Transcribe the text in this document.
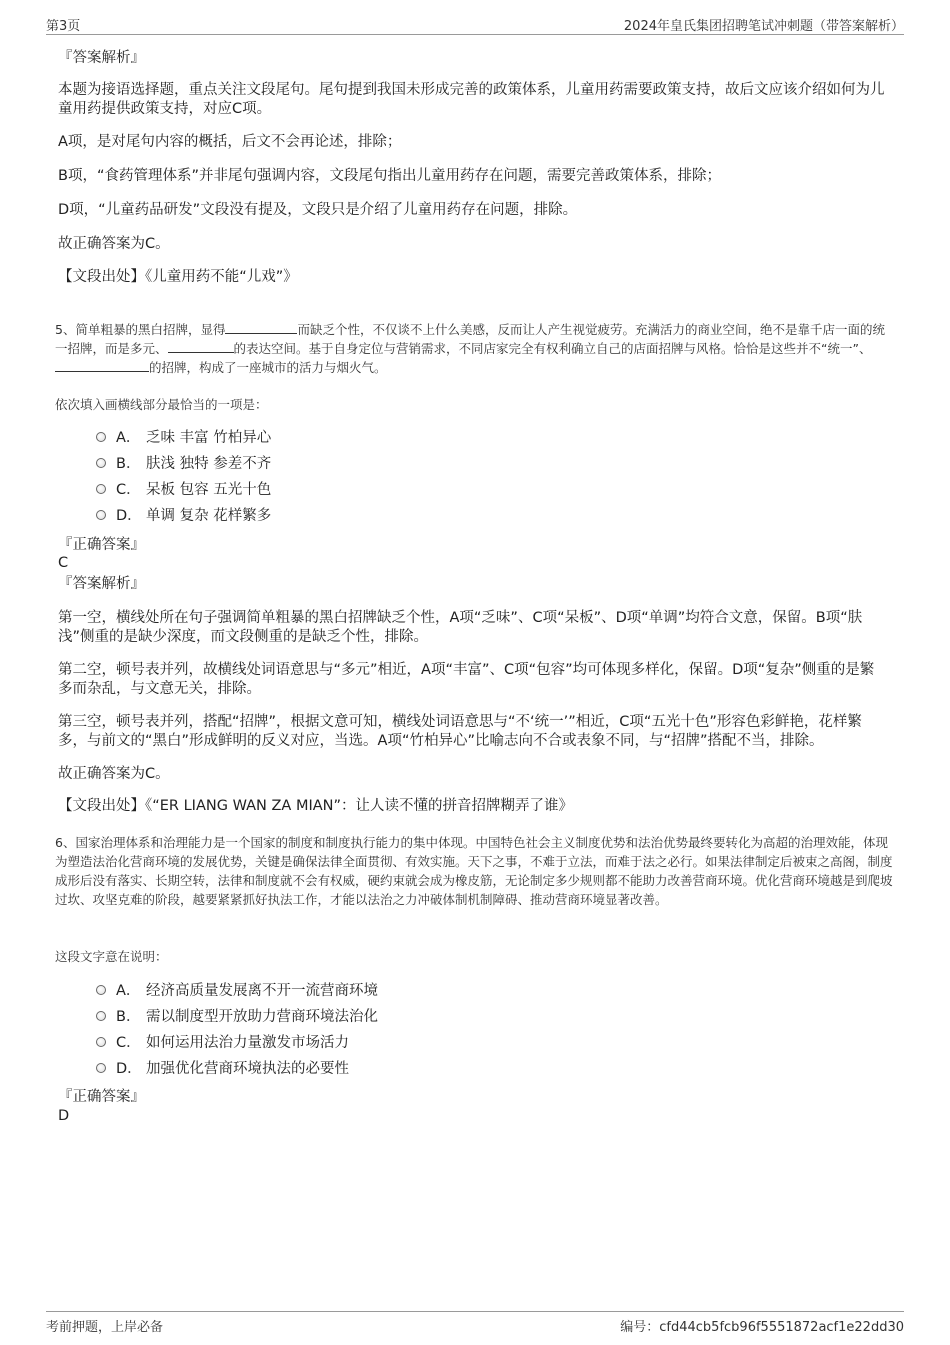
第3页	2024年皇氏集团招聘笔试冲刺题（带答案解析）
『答案解析』
本题为接语选择题，重点关注文段尾句。尾句提到我国未形成完善的政策体系，儿童用药需要政策支持，故后文应该介绍如何为儿童用药提供政策支持，对应C项。
A项，是对尾句内容的概括，后文不会再论述，排除；
B项，“食药管理体系”并非尾句强调内容，文段尾句指出儿童用药存在问题，需要完善政策体系，排除；
D项，“儿童药品研发”文段没有提及，文段只是介绍了儿童用药存在问题，排除。
故正确答案为C。
【文段出处】《儿童用药不能“儿戏”》
5、简单粗暴的黑白招牌，显得	而缺乏个性，不仅谈不上什么美感，反而让人产生视觉疲劳。充满活力的商业空间，绝不是靠千店一面的统一招牌，而是多元、	的表达空间。基于自身定位与营销需求，不同店家完全有权利确立自己的店面招牌与风格。恰恰是这些并不“统一”、的招牌，构成了一座城市的活力与烟火气。
依次填入画横线部分最恰当的一项是：
A． 乏味 丰富 竹柏异心
B． 肤浅 独特 参差不齐
C． 呆板 包容 五光十色
D． 单调 复杂 花样繁多
『正确答案』
C
『答案解析』
第一空，横线处所在句子强调简单粗暴的黑白招牌缺乏个性，A项“乏味”、C项“呆板”、D项“单调”均符合文意，保留。B项“肤浅”侧重的是缺少深度，而文段侧重的是缺乏个性，排除。
第二空，顿号表并列，故横线处词语意思与“多元”相近，A项“丰富”、C项“包容”均可体现多样化，保留。D项“复杂”侧重的是繁多而杂乱，与文意无关，排除。
第三空，顿号表并列，搭配“招牌”，根据文意可知，横线处词语意思与“不‘统一’”相近，C项“五光十色”形容色彩鲜艳，花样繁多，与前文的“黑白”形成鲜明的反义对应，当选。A项“竹柏异心”比喻志向不合或表象不同，与“招牌”搭配不当，排除。
故正确答案为C。
【文段出处】《“ER LIANG WAN ZA MIAN”：让人读不懂的拼音招牌糊弄了谁》
6、国家治理体系和治理能力是一个国家的制度和制度执行能力的集中体现。中国特色社会主义制度优势和法治优势最终要转化为高超的治理效能，体现为塑造法治化营商环境的发展优势，关键是确保法律全面贯彻、有效实施。天下之事，不难于立法，而难于法之必行。如果法律制定后被束之高阁，制度成形后没有落实、长期空转，法律和制度就不会有权威，硬约束就会成为橡皮筋，无论制定多少规则都不能助力改善营商环境。优化营商环境越是到爬坡过坎、攻坚克难的阶段，越要紧紧抓好执法工作，才能以法治之力冲破体制机制障碍、推动营商环境显著改善。
这段文字意在说明：
A． 经济高质量发展离不开一流营商环境
B． 需以制度型开放助力营商环境法治化
C． 如何运用法治力量激发市场活力
D． 加强优化营商环境执法的必要性
『正确答案』
D
考前押题，上岸必备	编号：cfd44cb5fcb96f5551872acf1e22dd30
